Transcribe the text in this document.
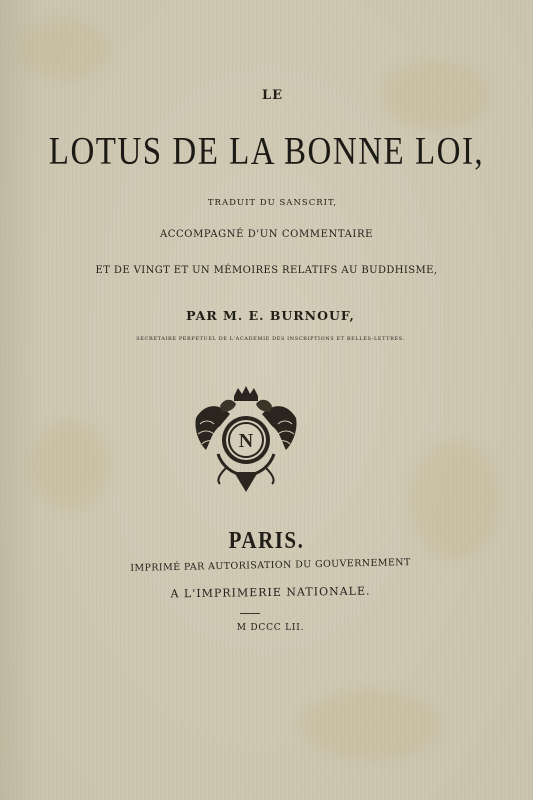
LE

LOTUS DE LA BONNE LOI,

TRADUIT DU SANSCRIT,

ACCOMPAGNÉ D'UN COMMENTAIRE

ET DE VINGT ET UN MÉMOIRES RELATIFS AU BUDDHISME,

PAR M. E. BURNOUF,

SECRÉTAIRE PERPÉTUEL DE L'ACADÉMIE DES INSCRIPTIONS ET BELLES-LETTRES.

N

PARIS.

IMPRIMÉ PAR AUTORISATION DU GOUVERNEMENT

A L'IMPRIMERIE NATIONALE.

M DCCC LII.
